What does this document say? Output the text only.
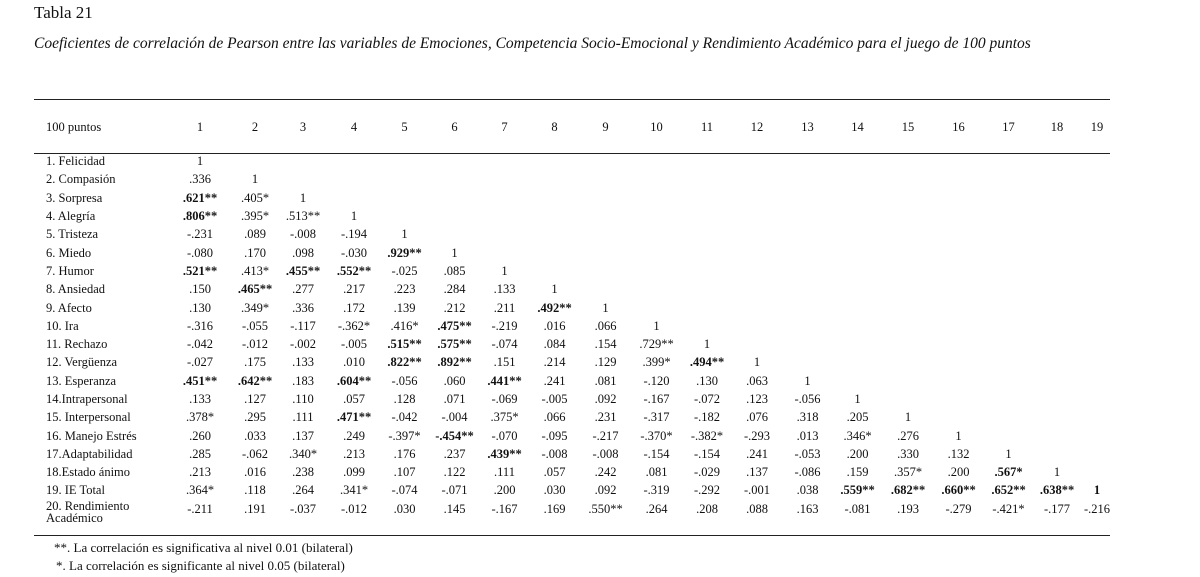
Tabla 21
Coeficientes de correlación de Pearson entre las variables de Emociones, Competencia Socio-Emocional y Rendimiento Académico para el juego de 100 puntos
100 puntos	1	2	3	4	5	6	7	8	9	10	11	12	13	14	15	16	17	18	19

1. Felicidad	1																		
2. Compasión	.336	1																	
3. Sorpresa	.621**	.405*	1																
4. Alegría	.806**	.395*	.513**	1															
5. Tristeza	-.231	.089	-.008	-.194	1														
6. Miedo	-.080	.170	.098	-.030	.929**	1													
7. Humor	.521**	.413*	.455**	.552**	-.025	.085	1												
8. Ansiedad	.150	.465**	.277	.217	.223	.284	.133	1											
9. Afecto	.130	.349*	.336	.172	.139	.212	.211	.492**	1										
10. Ira	-.316	-.055	-.117	-.362*	.416*	.475**	-.219	.016	.066	1									
11. Rechazo	-.042	-.012	-.002	-.005	.515**	.575**	-.074	.084	.154	.729**	1								
12. Vergüenza	-.027	.175	.133	.010	.822**	.892**	.151	.214	.129	.399*	.494**	1							
13. Esperanza	.451**	.642**	.183	.604**	-.056	.060	.441**	.241	.081	-.120	.130	.063	1						
14.Intrapersonal	.133	.127	.110	.057	.128	.071	-.069	-.005	.092	-.167	-.072	.123	-.056	1					
15. Interpersonal	.378*	.295	.111	.471**	-.042	-.004	.375*	.066	.231	-.317	-.182	.076	.318	.205	1				
16. Manejo Estrés	.260	.033	.137	.249	-.397*	-.454**	-.070	-.095	-.217	-.370*	-.382*	-.293	.013	.346*	.276	1			
17.Adaptabilidad	.285	-.062	.340*	.213	.176	.237	.439**	-.008	-.008	-.154	-.154	.241	-.053	.200	.330	.132	1		
18.Estado ánimo	.213	.016	.238	.099	.107	.122	.111	.057	.242	.081	-.029	.137	-.086	.159	.357*	.200	.567*	1	
19. IE Total	.364*	.118	.264	.341*	-.074	-.071	.200	.030	.092	-.319	-.292	-.001	.038	.559**	.682**	.660**	.652**	.638**	1

20. Rendimiento
Académico	-.211	.191	-.037	-.012	.030	.145	-.167	.169	.550**	.264	.208	.088	.163	-.081	.193	-.279	-.421*	-.177	-.216
**. La correlación es significativa al nivel 0.01 (bilateral)
*. La correlación es significante al nivel 0.05 (bilateral)
